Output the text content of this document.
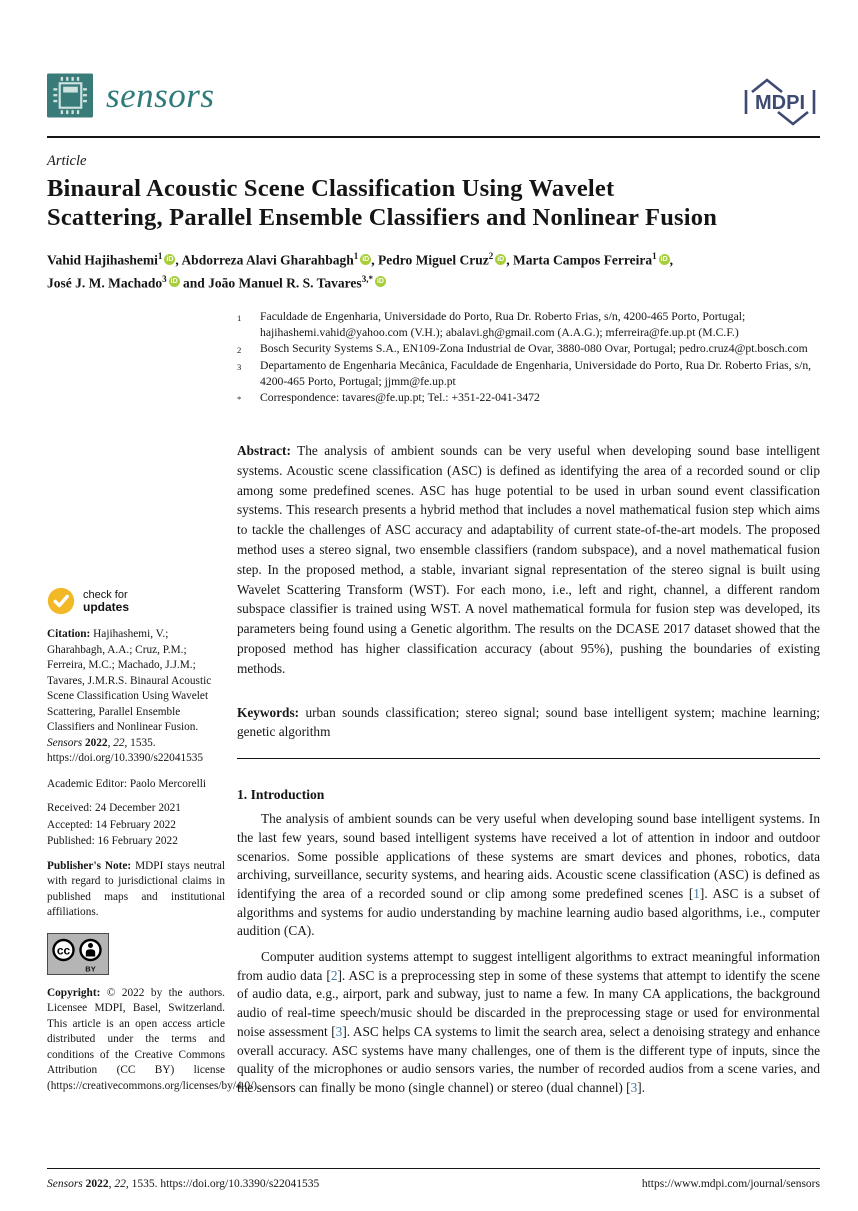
sensors	MDPI
Article
Binaural Acoustic Scene Classification Using Wavelet
Scattering, Parallel Ensemble Classifiers and Nonlinear Fusion
Vahid Hajihashemi$^1$ iD , Abdorreza Alavi Gharahbagh$^1$ iD , Pedro Miguel Cruz$^2$ iD , Marta Campos Ferreira$^1$ iD ,
José J. M. Machado$^3$ iD and João Manuel R. S. Tavares$^{3,*}$ iD
check for
updates

Citation: Hajihashemi, V.; Gharahbagh, A.A.; Cruz, P.M.; Ferreira, M.C.; Machado, J.J.M.; Tavares, J.M.R.S. Binaural Acoustic Scene Classification Using Wavelet Scattering, Parallel Ensemble Classifiers and Nonlinear Fusion. Sensors 2022, 22, 1535. https://doi.org/10.3390/s22041535

Academic Editor: Paolo Mercorelli

Received: 24 December 2021
Accepted: 14 February 2022
Published: 16 February 2022

Publisher's Note: MDPI stays neutral with regard to jurisdictional claims in published maps and institutional affiliations.

cc
BY

Copyright: © 2022 by the authors. Licensee MDPI, Basel, Switzerland. This article is an open access article distributed under the terms and conditions of the Creative Commons Attribution (CC BY) license (https://creativecommons.org/licenses/by/4.0/).

1	Faculdade de Engenharia, Universidade do Porto, Rua Dr. Roberto Frias, s/n, 4200-465 Porto, Portugal; hajihashemi.vahid@yahoo.com (V.H.); abalavi.gh@gmail.com (A.A.G.); mferreira@fe.up.pt (M.C.F.)
2	Bosch Security Systems S.A., EN109-Zona Industrial de Ovar, 3880-080 Ovar, Portugal; pedro.cruz4@pt.bosch.com
3	Departamento de Engenharia Mecânica, Faculdade de Engenharia, Universidade do Porto, Rua Dr. Roberto Frias, s/n, 4200-465 Porto, Portugal; jjmm@fe.up.pt
*	Correspondence: tavares@fe.up.pt; Tel.: +351-22-041-3472

Abstract: The analysis of ambient sounds can be very useful when developing sound base intelligent systems. Acoustic scene classification (ASC) is defined as identifying the area of a recorded sound or clip among some predefined scenes. ASC has huge potential to be used in urban sound event classification systems. This research presents a hybrid method that includes a novel mathematical fusion step which aims to tackle the challenges of ASC accuracy and adaptability of current state-of-the-art models. The proposed method uses a stereo signal, two ensemble classifiers (random subspace), and a novel mathematical fusion step. In the proposed method, a stable, invariant signal representation of the stereo signal is built using Wavelet Scattering Transform (WST). For each mono, i.e., left and right, channel, a different random subspace classifier is trained using WST. A novel mathematical formula for fusion step was developed, its parameters being found using a Genetic algorithm. The results on the DCASE 2017 dataset showed that the proposed method has higher classification accuracy (about 95%), pushing the boundaries of existing methods.

Keywords: urban sounds classification; stereo signal; sound base intelligent system; machine learning; genetic algorithm

1. Introduction

The analysis of ambient sounds can be very useful when developing sound base intelligent systems. In the last few years, sound based intelligent systems have received a lot of attention in indoor and outdoor scenarios. Some possible applications of these systems are smart devices and phones, robotics, data archiving, surveillance, security systems, and hearing aids. Acoustic scene classification (ASC) is defined as identifying the area of a recorded sound or clip among some predefined scenes [1]. ASC is a subset of algorithms and systems for audio understanding by machine learning audio based algorithms, i.e., computer audition (CA).

Computer audition systems attempt to suggest intelligent algorithms to extract meaningful information from audio data [2]. ASC is a preprocessing step in some of these systems that attempt to identify the scene of audio data, e.g., airport, park and subway, just to name a few. In many CA applications, the background audio of real-time speech/music should be discarded in the preprocessing stage or used for environmental noise assessment [3]. ASC helps CA systems to limit the search area, select a denoising strategy and enhance overall accuracy. ASC systems have many challenges, one of them is the different type of inputs, since the quality of the microphones or audio sensors varies, the number of recorded audios from a scene varies, and the sensors can finally be mono (single channel) or stereo (dual channel) [3].

Sensors 2022, 22, 1535. https://doi.org/10.3390/s22041535	https://www.mdpi.com/journal/sensors
